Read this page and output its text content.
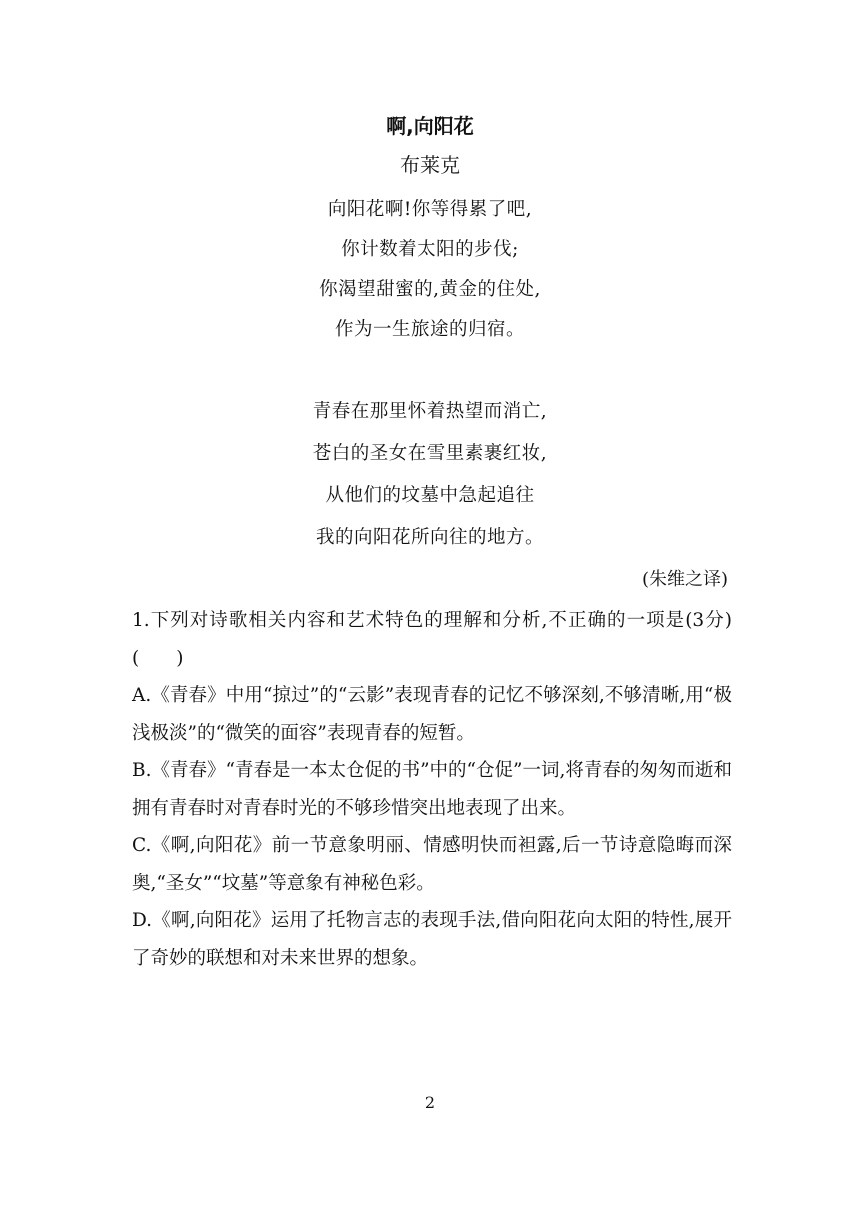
啊,向阳花
布莱克
向阳花啊!你等得累了吧,
你计数着太阳的步伐;
你渴望甜蜜的,黄金的住处,
作为一生旅途的归宿。
青春在那里怀着热望而消亡,
苍白的圣女在雪里素裹红妆,
从他们的坟墓中急起追往
我的向阳花所向往的地方。
(朱维之译)

1.下列对诗歌相关内容和艺术特色的理解和分析,不正确的一项是(3分)(　　)

A.《青春》中用“掠过”的“云影”表现青春的记忆不够深刻,不够清晰,用“极浅极淡”的“微笑的面容”表现青春的短暂。

B.《青春》“青春是一本太仓促的书”中的“仓促”一词,将青春的匆匆而逝和拥有青春时对青春时光的不够珍惜突出地表现了出来。

C.《啊,向阳花》前一节意象明丽、情感明快而袒露,后一节诗意隐晦而深奥,“圣女”“坟墓”等意象有神秘色彩。

D.《啊,向阳花》运用了托物言志的表现手法,借向阳花向太阳的特性,展开了奇妙的联想和对未来世界的想象。

2
